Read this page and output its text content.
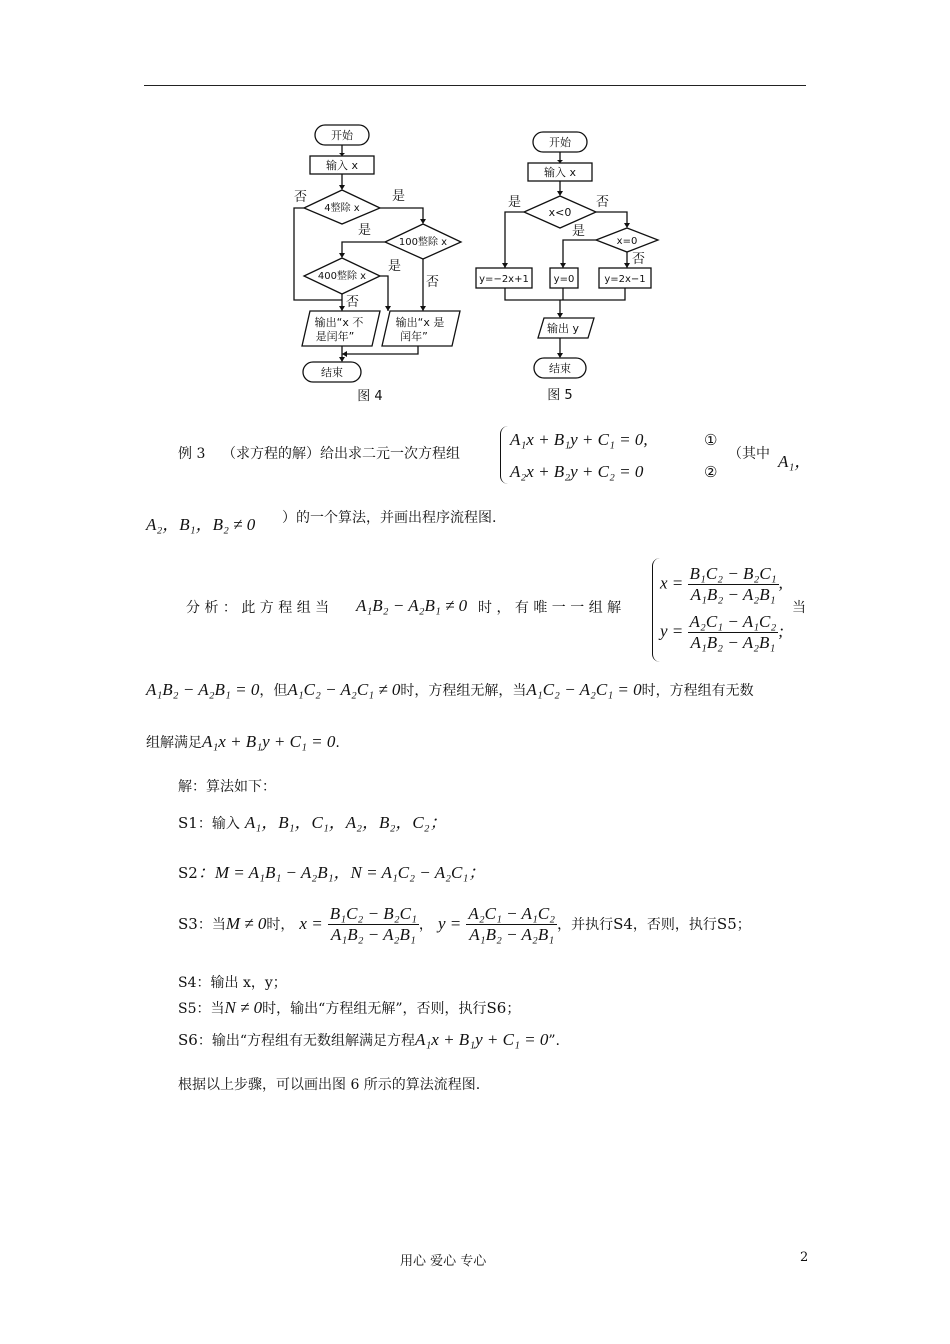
开始
输入 x
4整除 x
100整除 x
400整除 x
否	是
是
否
是
否
输出“x 不
是闰年”
输出“x 是
闰年”
结束
图 4
开始
输入 x
x<0
x=0
是	否
是
否
y=−2x+1 y=0	y=2x−1
输出 y
结束
图 5
例 3 （求方程的解）给出求二元一次方程组
A₁x + B₁y + C₁ = 0,
A₂x + B₂y + C₂ = 0
①
②
（其中 A₁，
A₂，B₁，B₂ ≠ 0 ）的一个算法，并画出程序流程图.
分 析 ： 此 方 程 组 当 A₁B₂ − A₂B₁ ≠ 0 时 ， 有 唯 一 一 组 解
$x = \frac{\text{B₁C₂ − B₂C₁}}{\text{A₁B₂ − A₂B₁}}$ ,
$y = \frac{\text{A₂C₁ − A₁C₂}}{\text{A₁B₂ − A₂B₁}}$ ;
当
A₁B₂ − A₂B₁ = 0，但A₁C₂ − A₂C₁ ≠ 0时，方程组无解，当A₁C₂ − A₂C₁ = 0时，方程组有无数
组解满足A₁x + B₁y + C₁ = 0.
解：算法如下：
S1：输入 A₁，B₁，C₁，A₂，B₂，C₂；
S2：M = A₁B₁ − A₂B₁，N = A₁C₂ − A₂C₁；
S3：当M ≠ 0时， $x = \frac{\text{B₁C₂ − B₂C₁}}{\text{A₁B₂ − A₂B₁}}$ ， $y = \frac{\text{A₂C₁ − A₁C₂}}{\text{A₁B₂ − A₂B₁}}$ ，并执行S4，否则，执行S5；
S4：输出 x，y；
S5：当N ≠ 0时，输出“方程组无解”，否则，执行S6；
S6：输出“方程组有无数组解满足方程A₁x + B₁y + C₁ = 0”.
根据以上步骤，可以画出图 6 所示的算法流程图.
用心 爱心 专心	2
